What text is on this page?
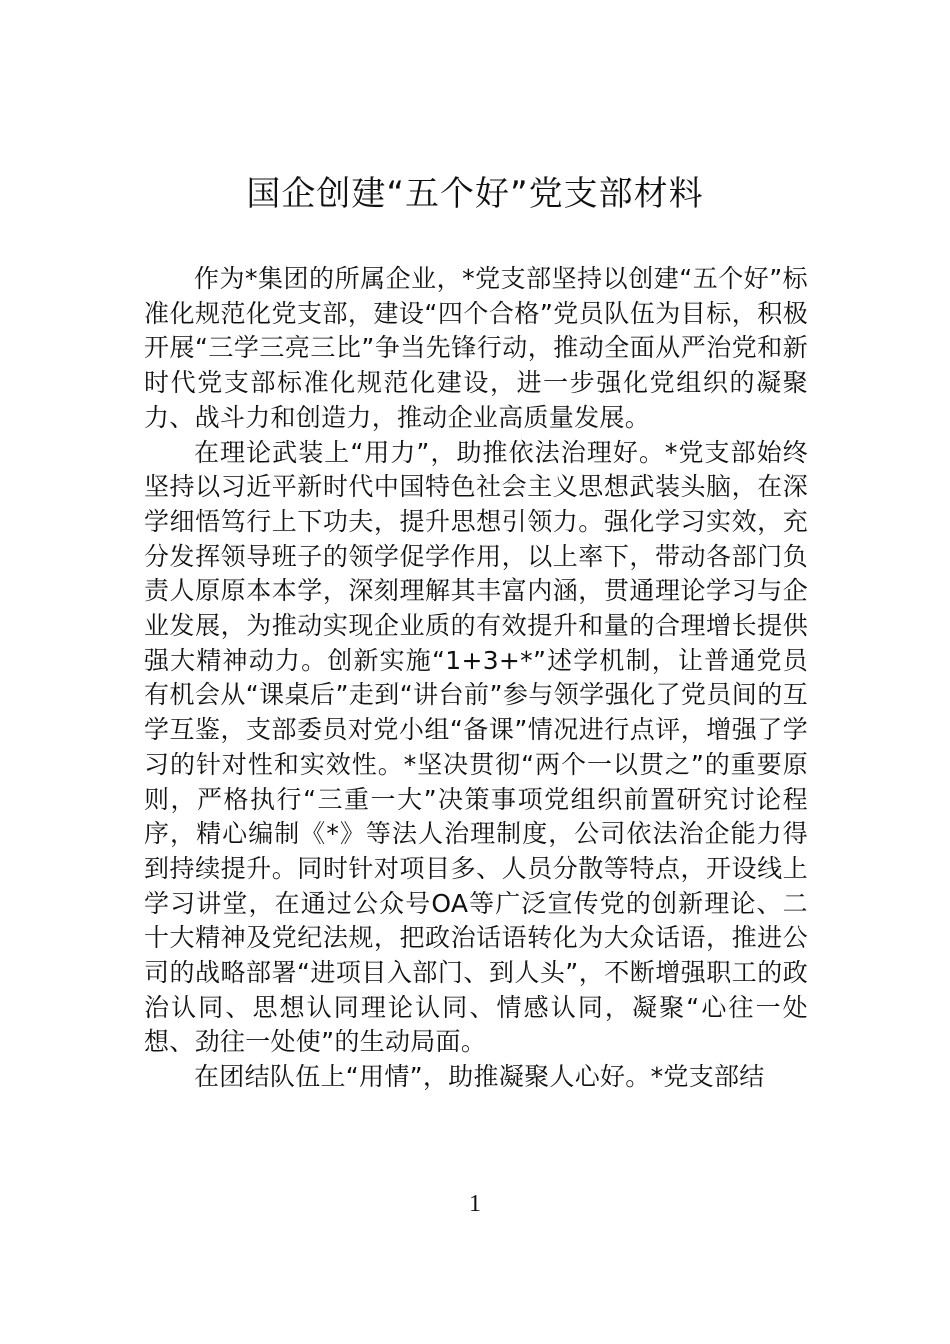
国企创建“五个好”党支部材料

作为*集团的所属企业，*党支部坚持以创建“五个好”标准化规范化党支部，建设“四个合格”党员队伍为目标，积极开展“三学三亮三比”争当先锋行动，推动全面从严治党和新时代党支部标准化规范化建设，进一步强化党组织的凝聚力、战斗力和创造力，推动企业高质量发展。

在理论武装上“用力”，助推依法治理好。*党支部始终坚持以习近平新时代中国特色社会主义思想武装头脑，在深学细悟笃行上下功夫，提升思想引领力。强化学习实效，充分发挥领导班子的领学促学作用，以上率下，带动各部门负责人原原本本学，深刻理解其丰富内涵，贯通理论学习与企业发展，为推动实现企业质的有效提升和量的合理增长提供强大精神动力。创新实施“1+3+*”述学机制，让普通党员有机会从“课桌后”走到“讲台前”参与领学强化了党员间的互学互鉴，支部委员对党小组“备课”情况进行点评，增强了学习的针对性和实效性。*坚决贯彻“两个一以贯之”的重要原则，严格执行“三重一大”决策事项党组织前置研究讨论程序，精心编制《*》等法人治理制度，公司依法治企能力得到持续提升。同时针对项目多、人员分散等特点，开设线上学习讲堂，在通过公众号OA等广泛宣传党的创新理论、二十大精神及党纪法规，把政治话语转化为大众话语，推进公司的战略部署“进项目入部门、到人头”，不断增强职工的政治认同、思想认同理论认同、情感认同，凝聚“心往一处想、劲往一处使”的生动局面。

在团结队伍上“用情”，助推凝聚人心好。*党支部结

1
